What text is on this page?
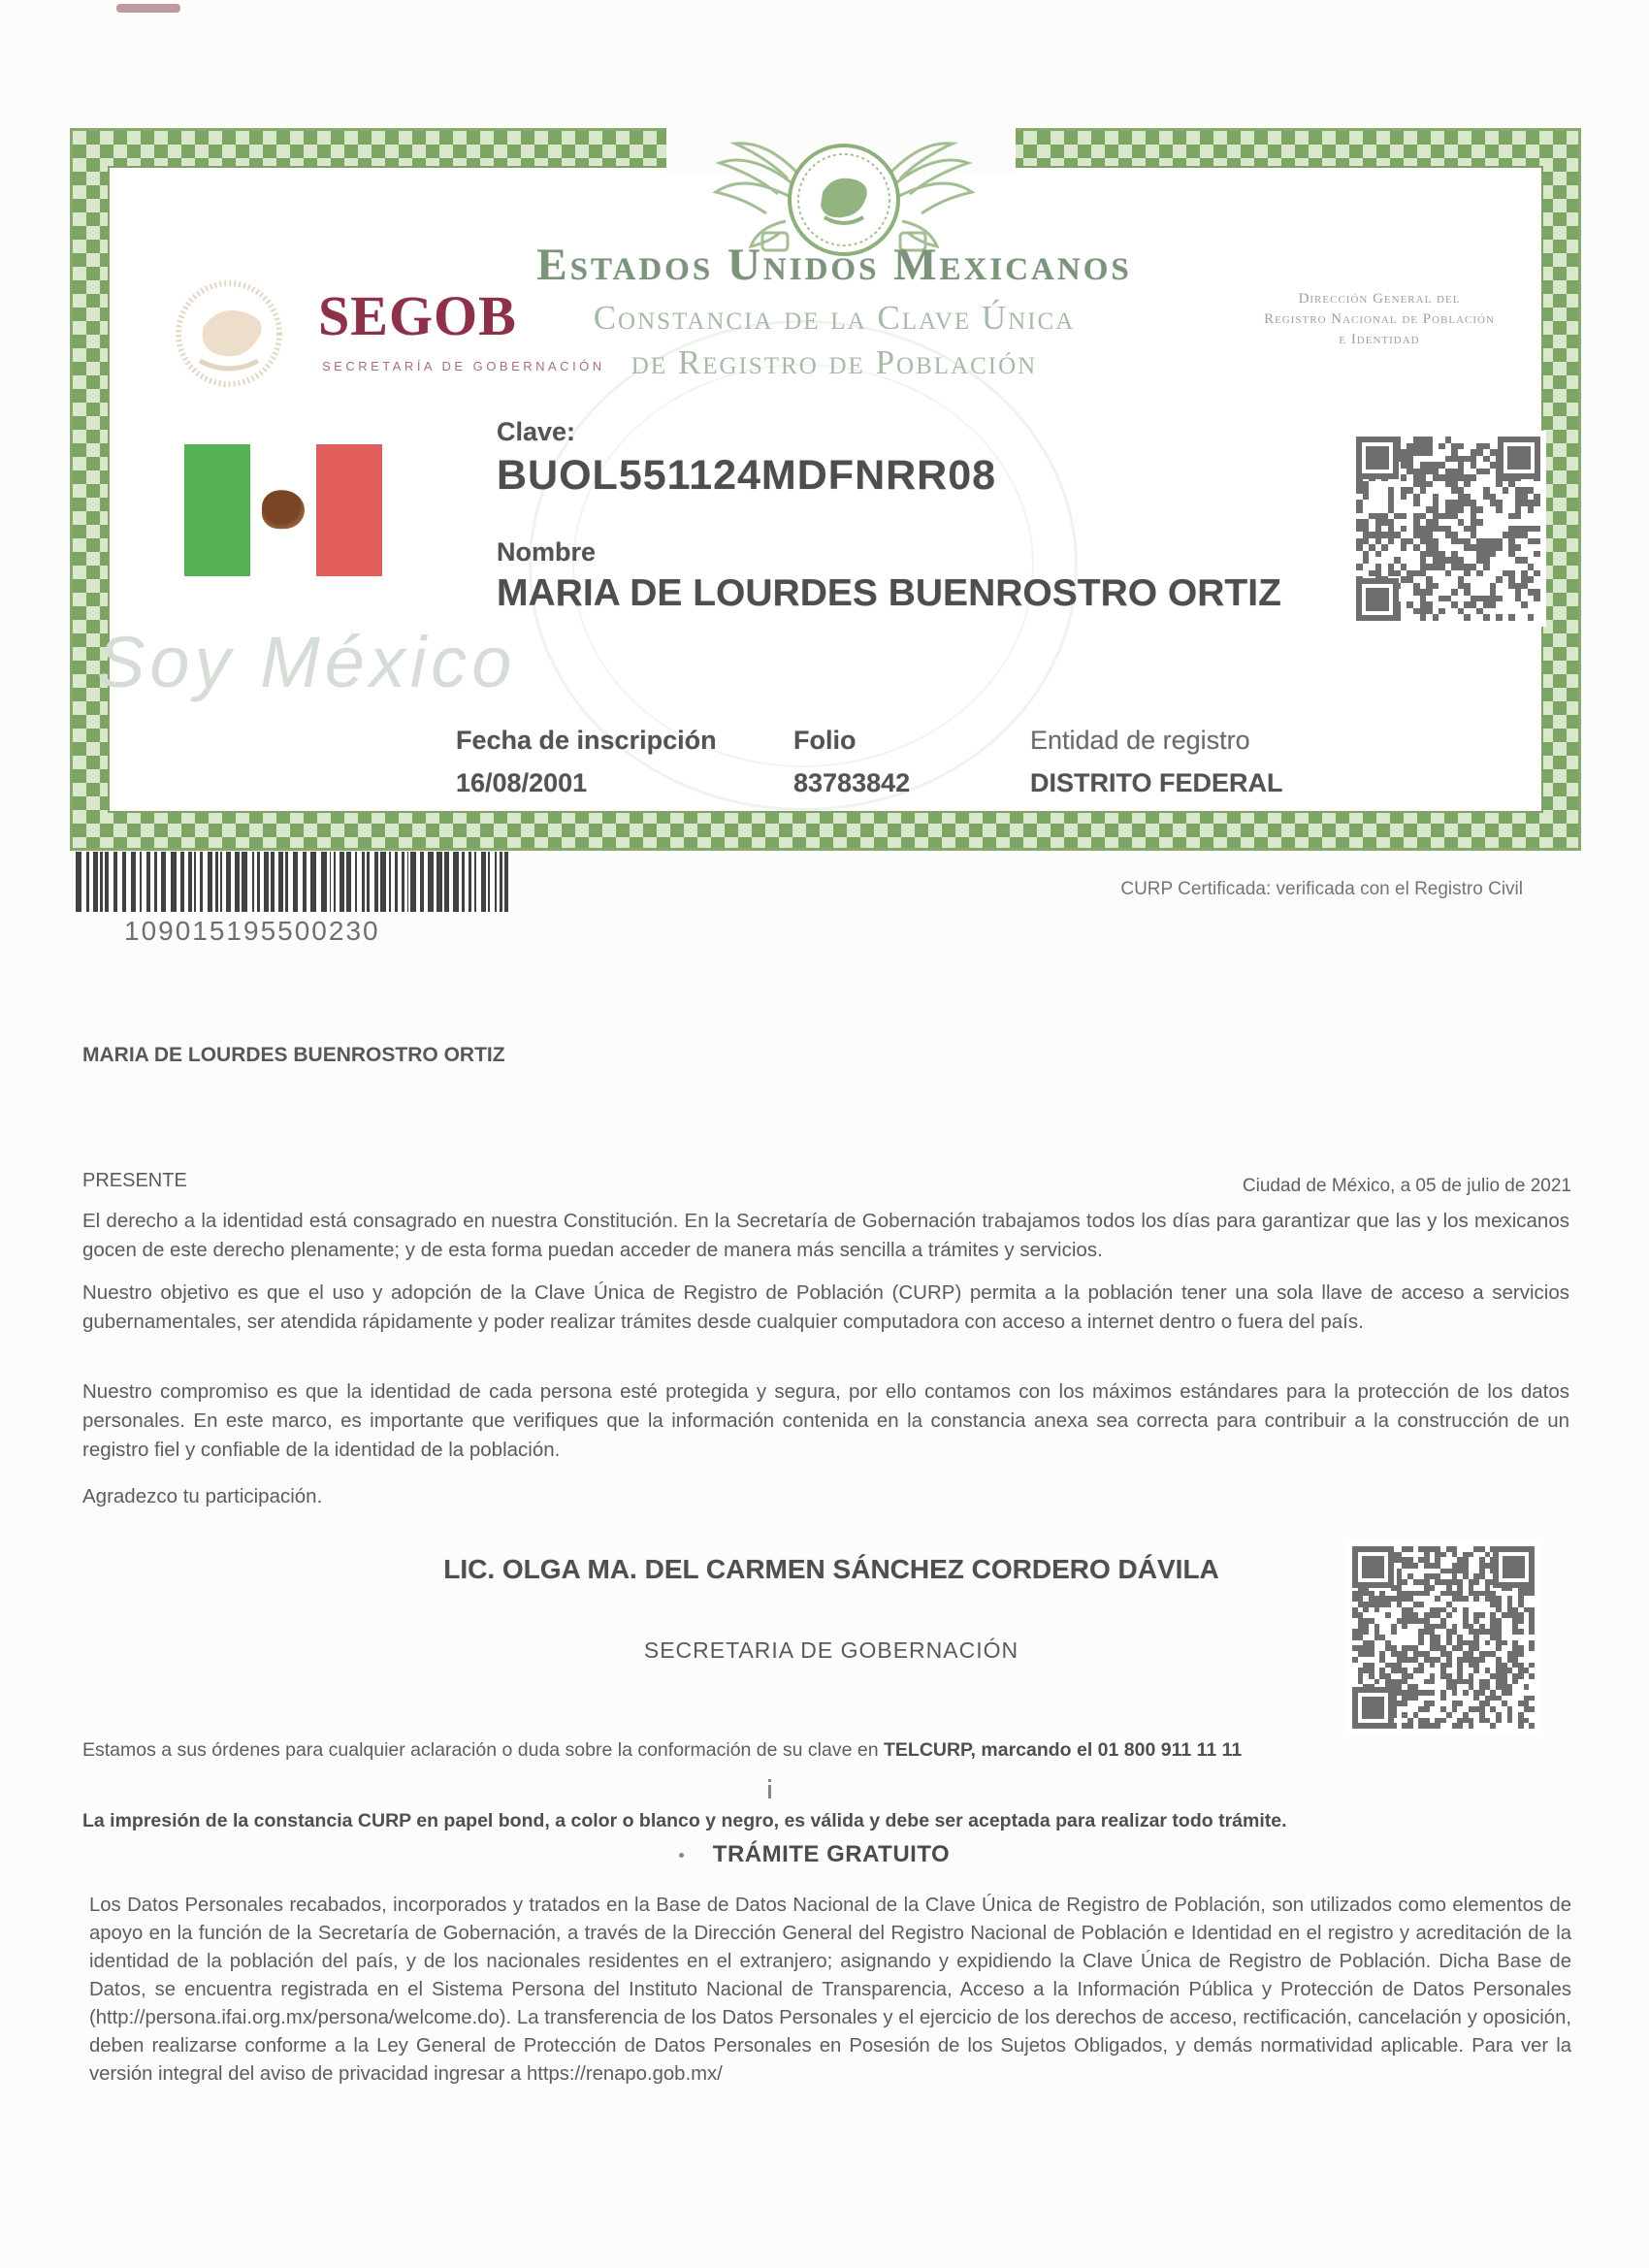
Estados Unidos Mexicanos
Constancia de la Clave Única
de Registro de Población
Dirección General del
Registro Nacional de Población
e Identidad
SEGOB
SECRETARÍA DE GOBERNACIÓN
Clave:
BUOL551124MDFNRR08
Nombre
MARIA DE LOURDES BUENROSTRO ORTIZ
Soy México
Fecha de inscripción
16/08/2001
Folio
83783842
Entidad de registro
DISTRITO FEDERAL
109015195500230
CURP Certificada: verificada con el Registro Civil
MARIA DE LOURDES BUENROSTRO ORTIZ
PRESENTE	Ciudad de México, a 05 de julio de 2021
El derecho a la identidad está consagrado en nuestra Constitución. En la Secretaría de Gobernación trabajamos todos los días para garantizar que las y los mexicanos gocen de este derecho plenamente; y de esta forma puedan acceder de manera más sencilla a trámites y servicios.
Nuestro objetivo es que el uso y adopción de la Clave Única de Registro de Población (CURP) permita a la población tener una sola llave de acceso a servicios gubernamentales, ser atendida rápidamente y poder realizar trámites desde cualquier computadora con acceso a internet dentro o fuera del país.
Nuestro compromiso es que la identidad de cada persona esté protegida y segura, por ello contamos con los máximos estándares para la protección de los datos personales. En este marco, es importante que verifiques que la información contenida en la constancia anexa sea correcta para contribuir a la construcción de un registro fiel y confiable de la identidad de la población.
Agradezco tu participación.
LIC. OLGA MA. DEL CARMEN SÁNCHEZ CORDERO DÁVILA
SECRETARIA DE GOBERNACIÓN
Estamos a sus órdenes para cualquier aclaración o duda sobre la conformación de su clave en TELCURP, marcando el 01 800 911 11 11
La impresión de la constancia CURP en papel bond, a color o blanco y negro, es válida y debe ser aceptada para realizar todo trámite.
TRÁMITE GRATUITO
Los Datos Personales recabados, incorporados y tratados en la Base de Datos Nacional de la Clave Única de Registro de Población, son utilizados como elementos de apoyo en la función de la Secretaría de Gobernación, a través de la Dirección General del Registro Nacional de Población e Identidad en el registro y acreditación de la identidad de la población del país, y de los nacionales residentes en el extranjero; asignando y expidiendo la Clave Única de Registro de Población. Dicha Base de Datos, se encuentra registrada en el Sistema Persona del Instituto Nacional de Transparencia, Acceso a la Información Pública y Protección de Datos Personales (http://persona.ifai.org.mx/persona/welcome.do). La transferencia de los Datos Personales y el ejercicio de los derechos de acceso, rectificación, cancelación y oposición, deben realizarse conforme a la Ley General de Protección de Datos Personales en Posesión de los Sujetos Obligados, y demás normatividad aplicable. Para ver la versión integral del aviso de privacidad ingresar a https://renapo.gob.mx/
